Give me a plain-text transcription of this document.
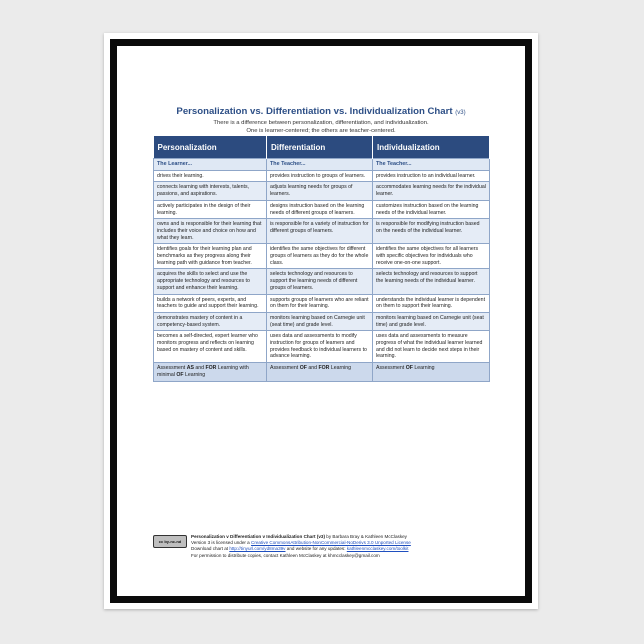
Personalization vs. Differentiation vs. Individualization Chart (v3)
There is a difference between personalization, differentiation, and individualization.
One is learner-centered; the others are teacher-centered.
Personalization	Differentiation	Individualization
The Learner...	The Teacher...	The Teacher...
drives their learning.	provides instruction to groups of learners.	provides instruction to an individual learner.
connects learning with interests, talents, passions, and aspirations.	adjusts learning needs for groups of learners.	accommodates learning needs for the individual learner.
actively participates in the design of their learning.	designs instruction based on the learning needs of different groups of learners.	customizes instruction based on the learning needs of the individual learner.
owns and is responsible for their learning that includes their voice and choice on how and what they learn.	is responsible for a variety of instruction for different groups of learners.	is responsible for modifying instruction based on the needs of the individual learner.
identifies goals for their learning plan and benchmarks as they progress along their learning path with guidance from teacher.	identifies the same objectives for different groups of learners as they do for the whole class.	identifies the same objectives for all learners with specific objectives for individuals who receive one-on-one support.
acquires the skills to select and use the appropriate technology and resources to support and enhance their learning.	selects technology and resources to support the learning needs of different groups of learners.	selects technology and resources to support the learning needs of the individual learner.
builds a network of peers, experts, and teachers to guide and support their learning.	supports groups of learners who are reliant on them for their learning.	understands the individual learner is dependent on them to support their learning.
demonstrates mastery of content in a competency-based system.	monitors learning based on Carnegie unit (seat time) and grade level.	monitors learning based on Carnegie unit (seat time) and grade level.
becomes a self-directed, expert learner who monitors progress and reflects on learning based on mastery of content and skills.	uses data and assessments to modify instruction for groups of learners and provides feedback to individual learners to advance learning.	uses data and assessments to measure progress of what the individual learner learned and did not learn to decide next steps in their learning.
Assessment AS and FOR Learning with minimal OF Learning	Assessment OF and FOR Learning	Assessment OF Learning
cc by-nc-nd
Personalization v Differentiation v Individualization Chart (v3) by Barbara Bray & Kathleen McClaskey
Version 3 is licensed under a Creative CommonsAttribution-NonCommercial-NoDerivs 3.0 Unported License
Download chart at http://tinyurl.com/yd8ma39v and website for any updates: kathleenmcclaskey.com/toolkit
For permission to distribute copies, contact Kathleen McClaskey at khmcclaskey@gmail.com
